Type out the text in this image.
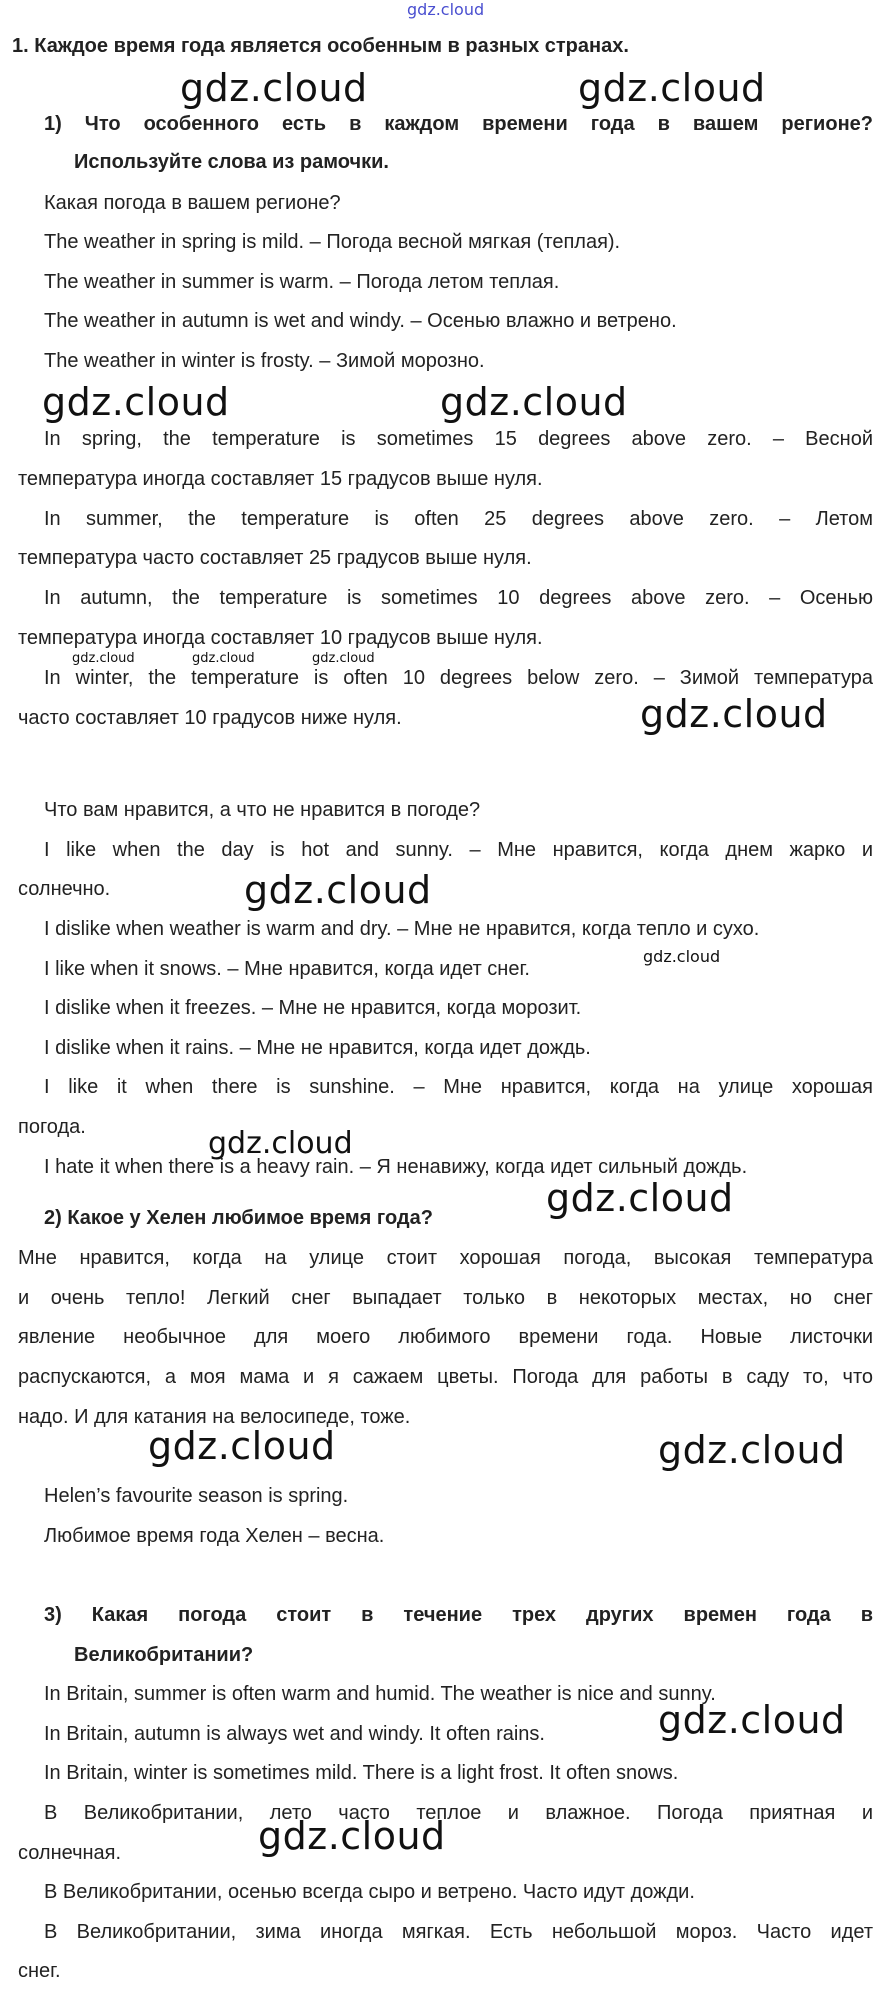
gdz.cloud
1. Каждое время года является особенным в разных странах.
gdz.cloud	gdz.cloud
1) Что особенного есть в каждом времени года в вашем регионе?
Используйте слова из рамочки.
Какая погода в вашем регионе?
The weather in spring is mild. – Погода весной мягкая (теплая).
The weather in summer is warm. – Погода летом теплая.
The weather in autumn is wet and windy. – Осенью влажно и ветрено.
The weather in winter is frosty. – Зимой морозно.
gdz.cloud	gdz.cloud
In spring, the temperature is sometimes 15 degrees above zero. – Весной
температура иногда составляет 15 градусов выше нуля.
In summer, the temperature is often 25 degrees above zero. – Летом
температура часто составляет 25 градусов выше нуля.
In autumn, the temperature is sometimes 10 degrees above zero. – Осенью
температура иногда составляет 10 градусов выше нуля.
gdz.cloud	gdz.cloud	gdz.cloud
In winter, the temperature is often 10 degrees below zero. – Зимой температура
часто составляет 10 градусов ниже нуля.	gdz.cloud
Что вам нравится, а что не нравится в погоде?
I like when the day is hot and sunny. – Мне нравится, когда днем жарко и
солнечно.	gdz.cloud
I dislike when weather is warm and dry. – Мне не нравится, когда тепло и сухо.
I like when it snows. – Мне нравится, когда идет снег.
gdz.cloud
I dislike when it freezes. – Мне не нравится, когда морозит.
I dislike when it rains. – Мне не нравится, когда идет дождь.
I like it when there is sunshine. – Мне нравится, когда на улице хорошая
погода.	gdz.cloud
I hate it when there is a heavy rain. – Я ненавижу, когда идет сильный дождь.
gdz.cloud
2) Какое у Хелен любимое время года?
Мне нравится, когда на улице стоит хорошая погода, высокая температура
и очень тепло! Легкий снег выпадает только в некоторых местах, но снег
явление необычное для моего любимого времени года. Новые листочки
распускаются, а моя мама и я сажаем цветы. Погода для работы в саду то, что
надо. И для катания на велосипеде, тоже.
gdz.cloud	gdz.cloud
Helen’s favourite season is spring.
Любимое время года Хелен – весна.
3) Какая погода стоит в течение трех других времен года в
Великобритании?
In Britain, summer is often warm and humid. The weather is nice and sunny.
In Britain, autumn is always wet and windy. It often rains.	gdz.cloud
In Britain, winter is sometimes mild. There is a light frost. It often snows.
В Великобритании, лето часто теплое и влажное. Погода приятная и
солнечная.	gdz.cloud
В Великобритании, осенью всегда сыро и ветрено. Часто идут дожди.
В Великобритании, зима иногда мягкая. Есть небольшой мороз. Часто идет
снег.
